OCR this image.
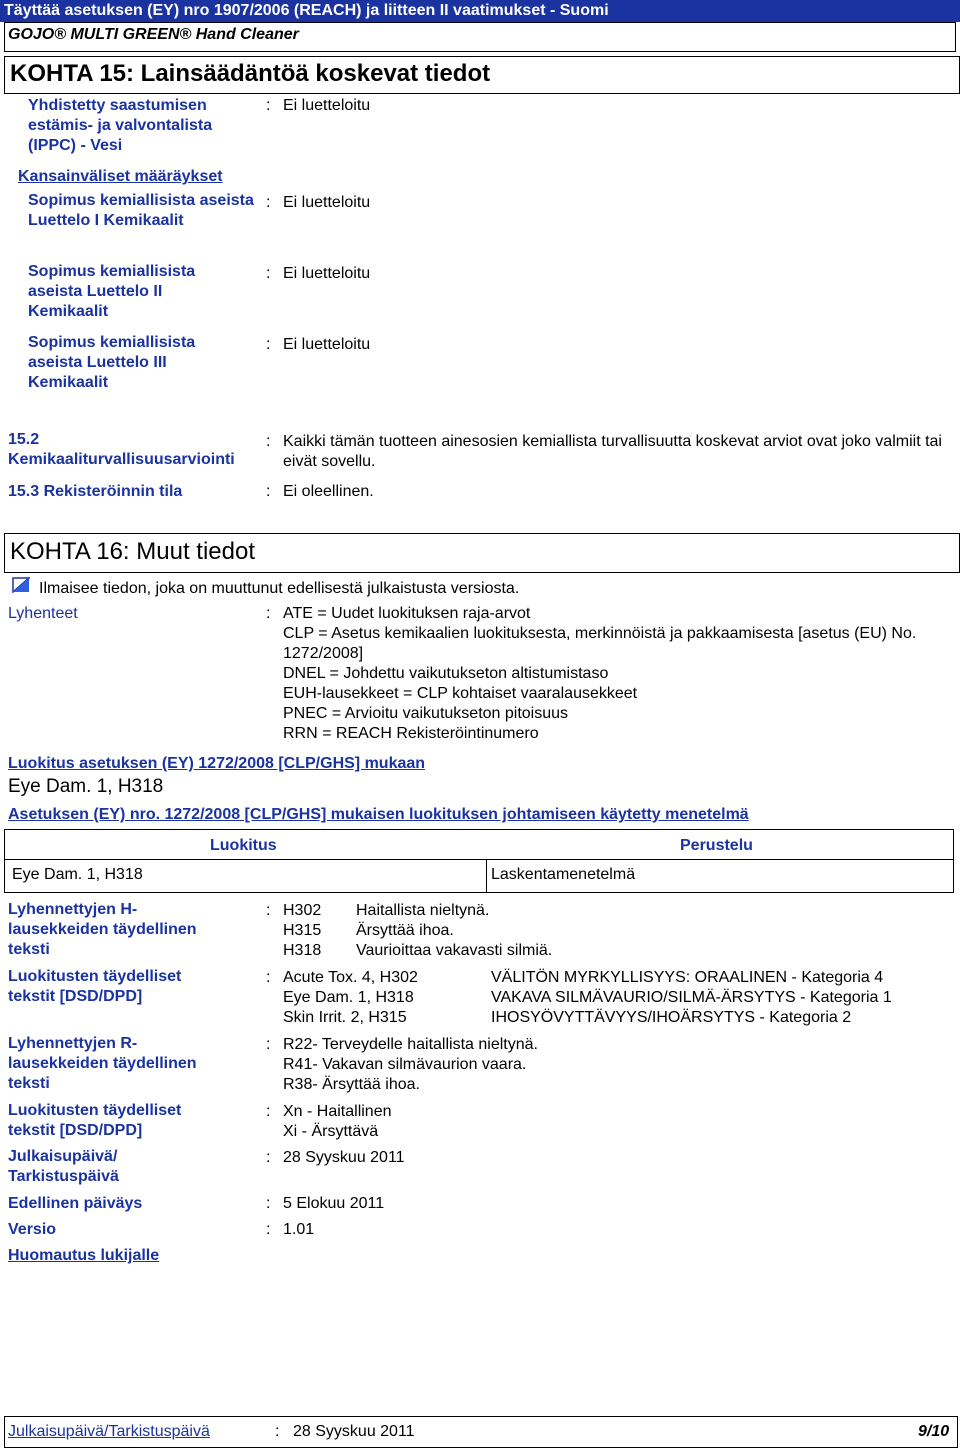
Täyttää asetuksen (EY) nro 1907/2006 (REACH) ja liitteen II vaatimukset - Suomi
GOJO® MULTI GREEN® Hand Cleaner
KOHTA 15: Lainsäädäntöä koskevat tiedot
Yhdistetty saastumisen estämis- ja valvontalista (IPPC) - Vesi
: Ei luetteloitu
Kansainväliset määräykset
Sopimus kemiallisista aseista Luettelo I Kemikaalit
: Ei luetteloitu
Sopimus kemiallisista aseista Luettelo II Kemikaalit
: Ei luetteloitu
Sopimus kemiallisista aseista Luettelo III Kemikaalit
: Ei luetteloitu
15.2 Kemikaaliturvallisuusarviointi
: Kaikki tämän tuotteen ainesosien kemiallista turvallisuutta koskevat arviot ovat joko valmiit tai eivät sovellu.
15.3 Rekisteröinnin tila	: Ei oleellinen.
KOHTA 16: Muut tiedot
Ilmaisee tiedon, joka on muuttunut edellisestä julkaistusta versiosta.
Lyhenteet	: ATE = Uudet luokituksen raja-arvot
CLP = Asetus kemikaalien luokituksesta, merkinnöistä ja pakkaamisesta [asetus (EU) No. 1272/2008]
DNEL = Johdettu vaikutukseton altistumistaso
EUH-lausekkeet = CLP kohtaiset vaaralausekkeet
PNEC = Arvioitu vaikutukseton pitoisuus
RRN = REACH Rekisteröintinumero
Luokitus asetuksen (EY) 1272/2008 [CLP/GHS] mukaan
Eye Dam. 1, H318
Asetuksen (EY) nro. 1272/2008 [CLP/GHS] mukaisen luokituksen johtamiseen käytetty menetelmä
Luokitus	Perustelu
Eye Dam. 1, H318	Laskentamenetelmä
Lyhennettyjen H-lausekkeiden täydellinen teksti
: H302 Haitallista nieltynä.
H315 Ärsyttää ihoa.
H318 Vaurioittaa vakavasti silmiä.
Luokitusten täydelliset tekstit [DSD/DPD]
: Acute Tox. 4, H302	VÄLITÖN MYRKYLLISYYS: ORAALINEN - Kategoria 4
Eye Dam. 1, H318	VAKAVA SILMÄVAURIO/SILMÄ-ÄRSYTYS - Kategoria 1
Skin Irrit. 2, H315	IHOSYÖVYTTÄVYYS/IHOÄRSYTYS - Kategoria 2
Lyhennettyjen R-lausekkeiden täydellinen teksti
: R22- Terveydelle haitallista nieltynä.
R41- Vakavan silmävaurion vaara.
R38- Ärsyttää ihoa.
Luokitusten täydelliset tekstit [DSD/DPD]
: Xn - Haitallinen
Xi - Ärsyttävä
Julkaisupäivä/ Tarkistuspäivä
: 28 Syyskuu 2011
Edellinen päiväys	: 5 Elokuu 2011
Versio	: 1.01
Huomautus lukijalle
Julkaisupäivä/Tarkistuspäivä	: 28 Syyskuu 2011	9/10
